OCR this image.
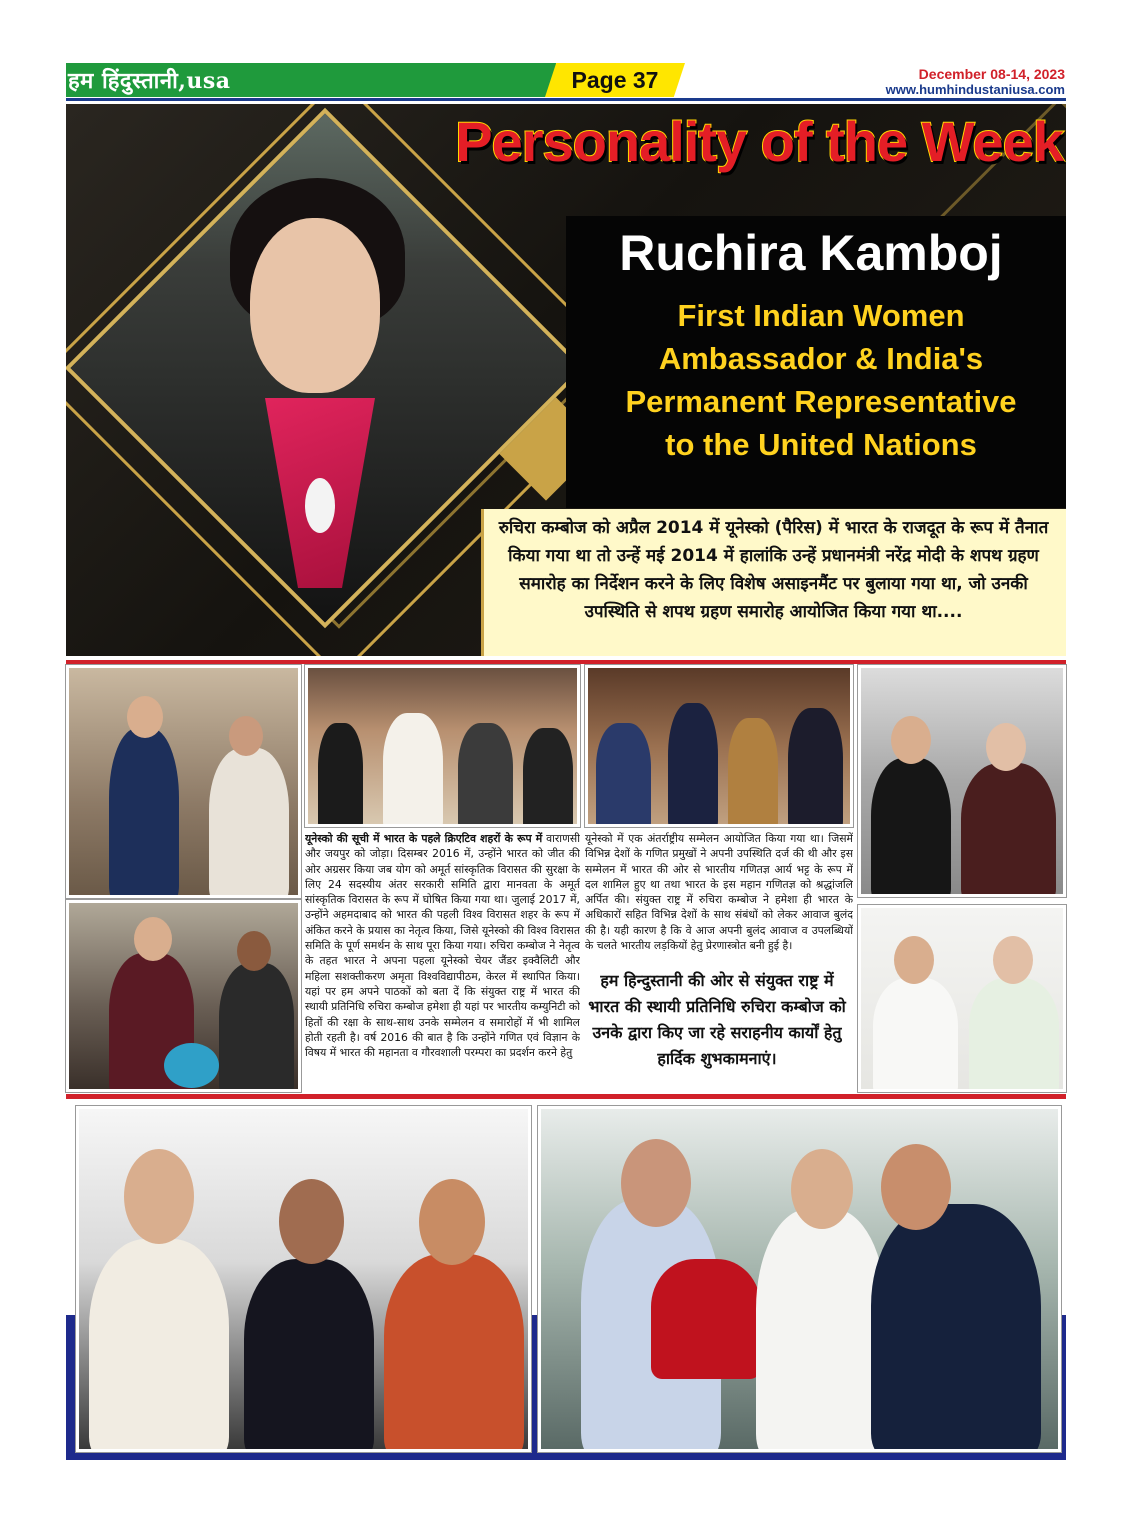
हम हिंदुस्तानी,usa	Page 37	December 08-14, 2023
www.humhindustaniusa.com
Personality of the Week
Ruchira Kamboj
First Indian Women
Ambassador & India's
Permanent Representative
to the United Nations
रुचिरा कम्बोज को अप्रैल 2014 में यूनेस्को (पैरिस) में भारत के राजदूत के रूप में तैनात किया गया था तो उन्हें मई 2014 में हालांकि उन्हें प्रधानमंत्री नरेंद्र मोदी के शपथ ग्रहण समारोह का निर्देशन करने के लिए विशेष असाइनमैंट पर बुलाया गया था, जो उनकी उपस्थिति से शपथ ग्रहण समारोह आयोजित किया गया था....
यूनेस्को की सूची में भारत के पहले क्रिएटिव शहरों के रूप में वाराणसी और जयपुर को जोड़ा। दिसम्बर 2016 में, उन्होंने भारत को जीत की ओर अग्रसर किया जब योग को अमूर्त सांस्कृतिक विरासत की सुरक्षा के लिए 24 सदस्यीय अंतर सरकारी समिति द्वारा मानवता के अमूर्त सांस्कृतिक विरासत के रूप में घोषित किया गया था। जुलाई 2017 में, उन्होंने अहमदाबाद को भारत की पहली विश्व विरासत शहर के रूप में अंकित करने के प्रयास का नेतृत्व किया, जिसे यूनेस्को की विश्व विरासत समिति के पूर्ण समर्थन के साथ पूरा किया गया। रुचिरा कम्बोज ने नेतृत्व के तहत भारत ने अपना पहला यूनेस्को चेयर जैंडर इक्वैलिटी और महिला सशक्तीकरण अमृता विश्वविद्यापीठम, केरल में स्थापित किया। यहां पर हम अपने पाठकों को बता दें कि संयुक्त राष्ट्र में भारत की स्थायी प्रतिनिधि रुचिरा कम्बोज हमेशा ही यहां पर भारतीय कम्युनिटी को हितों की रक्षा के साथ-साथ उनके सम्मेलन व समारोहों में भी शामिल होती रहती है। वर्ष 2016 की बात है कि उन्होंने गणित एवं विज्ञान के विषय में भारत की महानता व गौरवशाली परम्परा का प्रदर्शन करने हेतु
यूनेस्को में एक अंतर्राष्ट्रीय सम्मेलन आयोजित किया गया था। जिसमें विभिन्न देशों के गणित प्रमुखों ने अपनी उपस्थिति दर्ज की थी और इस सम्मेलन में भारत की ओर से भारतीय गणितज्ञ आर्य भट्ट के रूप में दल शामिल हुए था तथा भारत के इस महान गणितज्ञ को श्रद्धांजलि अर्पित की। संयुक्त राष्ट्र में रुचिरा कम्बोज ने हमेशा ही भारत के अधिकारों सहित विभिन्न देशों के साथ संबंधों को लेकर आवाज बुलंद की है। यही कारण है कि वे आज अपनी बुलंद आवाज व उपलब्धियों के चलते भारतीय लड़कियों हेतु प्रेरणास्त्रोत बनी हुई है।
हम हिन्दुस्तानी की ओर से संयुक्त राष्ट्र में भारत की स्थायी प्रतिनिधि रुचिरा कम्बोज को उनके द्वारा किए जा रहे सराहनीय कार्यों हेतु हार्दिक शुभकामनाएं।
